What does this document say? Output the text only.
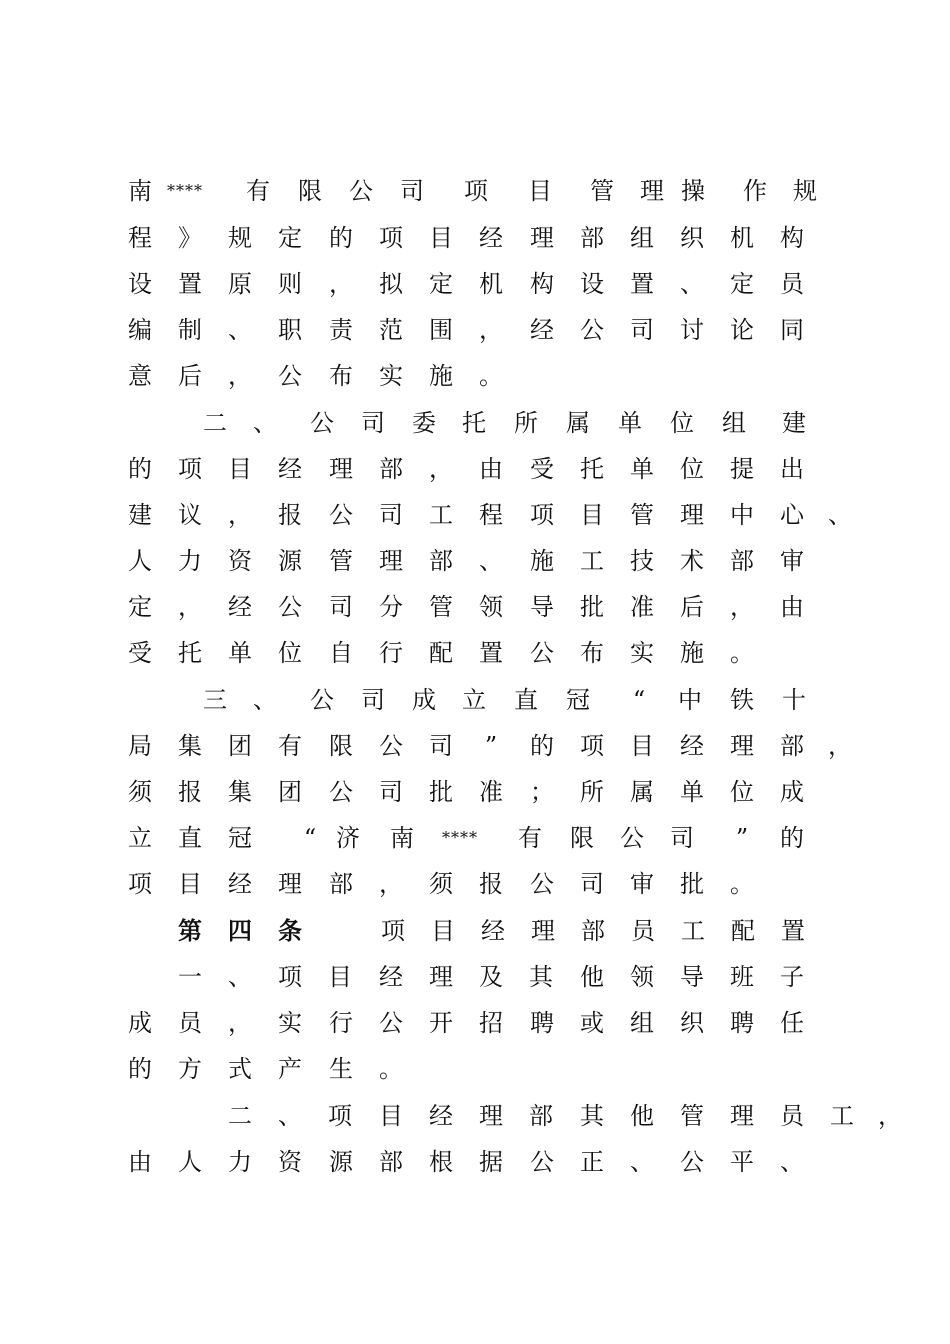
南 **** 有 限 公 司 项 目 管 理 操 作 规

程 》 规 定 的 项 目 经 理 部 组 织 机 构

设 置 原 则 ， 拟 定 机 构 设 置 、 定 员

编 制 、 职 责 范 围 ， 经 公 司 讨 论 同

意 后 ， 公 布 实 施 。

二 、 公 司 委 托 所 属 单 位 组 建

的 项 目 经 理 部 ， 由 受 托 单 位 提 出

建 议 ， 报 公 司 工 程 项 目 管 理 中 心 、

人 力 资 源 管 理 部 、 施 工 技 术 部 审

定 ， 经 公 司 分 管 领 导 批 准 后 ， 由

受 托 单 位 自 行 配 置 公 布 实 施 。

三 、 公 司 成 立 直 冠 “ 中 铁 十

局 集 团 有 限 公 司 ” 的 项 目 经 理 部 ，

须 报 集 团 公 司 批 准 ； 所 属 单 位 成

立 直 冠 “ 济 南 **** 有 限 公 司 ” 的

项 目 经 理 部 ， 须 报 公 司 审 批 。

第 四 条	项 目 经 理 部 员 工 配 置

一 、 项 目 经 理 及 其 他 领 导 班 子

成 员 ， 实 行 公 开 招 聘 或 组 织 聘 任

的 方 式 产 生 。

二 、 项 目 经 理 部 其 他 管 理 员 工 ，

由 人 力 资 源 部 根 据 公 正 、 公 平 、
